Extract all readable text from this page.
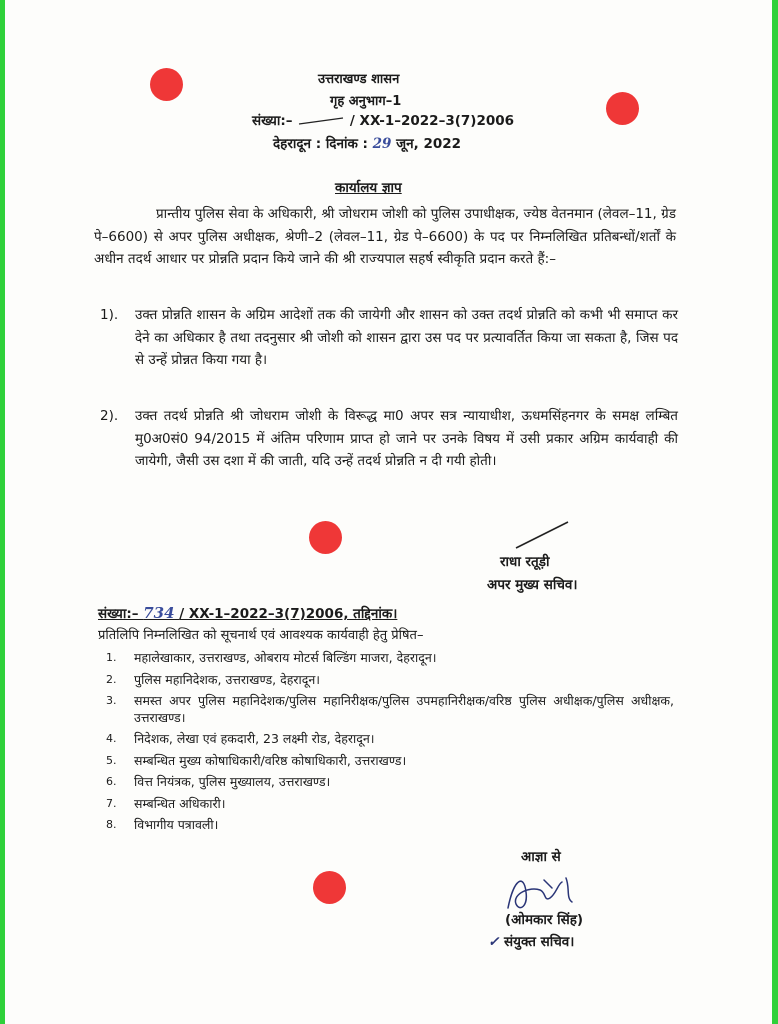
उत्तराखण्ड शासन
गृह अनुभाग–1
संख्या:–	/ XX-1–2022–3(7)2006
देहरादून : दिनांक : 29 जून, 2022
कार्यालय ज्ञाप
प्रान्तीय पुलिस सेवा के अधिकारी, श्री जोधराम जोशी को पुलिस उपाधीक्षक, ज्येष्ठ वेतनमान (लेवल–11, ग्रेड पे–6600) से अपर पुलिस अधीक्षक, श्रेणी–2 (लेवल–11, ग्रेड पे–6600) के पद पर निम्नलिखित प्रतिबन्धों/शर्तों के अधीन तदर्थ आधार पर प्रोन्नति प्रदान किये जाने की श्री राज्यपाल सहर्ष स्वीकृति प्रदान करते हैं:–
1). उक्त प्रोन्नति शासन के अग्रिम आदेशों तक की जायेगी और शासन को उक्त तदर्थ प्रोन्नति को कभी भी समाप्त कर देने का अधिकार है तथा तदनुसार श्री जोशी को शासन द्वारा उस पद पर प्रत्यावर्तित किया जा सकता है, जिस पद से उन्हें प्रोन्नत किया गया है।
2). उक्त तदर्थ प्रोन्नति श्री जोधराम जोशी के विरूद्ध मा0 अपर सत्र न्यायाधीश, ऊधमसिंहनगर के समक्ष लम्बित मु0अ0सं0 94/2015 में अंतिम परिणाम प्राप्त हो जाने पर उनके विषय में उसी प्रकार अग्रिम कार्यवाही की जायेगी, जैसी उस दशा में की जाती, यदि उन्हें तदर्थ प्रोन्नति न दी गयी होती।
राधा रतूड़ी
अपर मुख्य सचिव।
संख्या:– 734 / XX-1–2022–3(7)2006, तद्दिनांक।
प्रतिलिपि निम्नलिखित को सूचनार्थ एवं आवश्यक कार्यवाही हेतु प्रेषित–
1. महालेखाकार, उत्तराखण्ड, ओबराय मोटर्स बिल्डिंग माजरा, देहरादून।
2. पुलिस महानिदेशक, उत्तराखण्ड, देहरादून।
3. समस्त अपर पुलिस महानिदेशक/पुलिस महानिरीक्षक/पुलिस उपमहानिरीक्षक/वरिष्ठ पुलिस अधीक्षक/पुलिस अधीक्षक, उत्तराखण्ड।
4. निदेशक, लेखा एवं हकदारी, 23 लक्ष्मी रोड, देहरादून।
5. सम्बन्धित मुख्य कोषाधिकारी/वरिष्ठ कोषाधिकारी, उत्तराखण्ड।
6. वित्त नियंत्रक, पुलिस मुख्यालय, उत्तराखण्ड।
7. सम्बन्धित अधिकारी।
8. विभागीय पत्रावली।
आज्ञा से
(ओमकार सिंह)
✓ संयुक्त सचिव।
